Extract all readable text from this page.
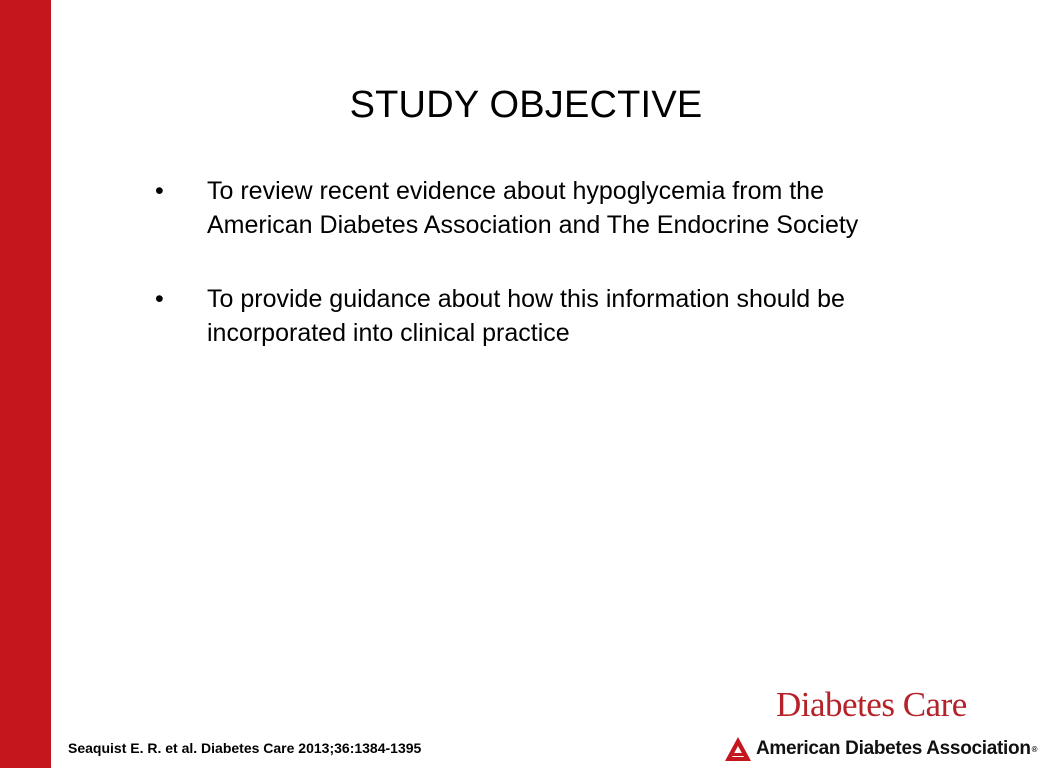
STUDY OBJECTIVE
• To review recent evidence about hypoglycemia from the
American Diabetes Association and The Endocrine Society
• To provide guidance about how this information should be
incorporated into clinical practice
Seaquist E. R. et al. Diabetes Care 2013;36:1384-1395
Diabetes Care
American Diabetes Association ®
